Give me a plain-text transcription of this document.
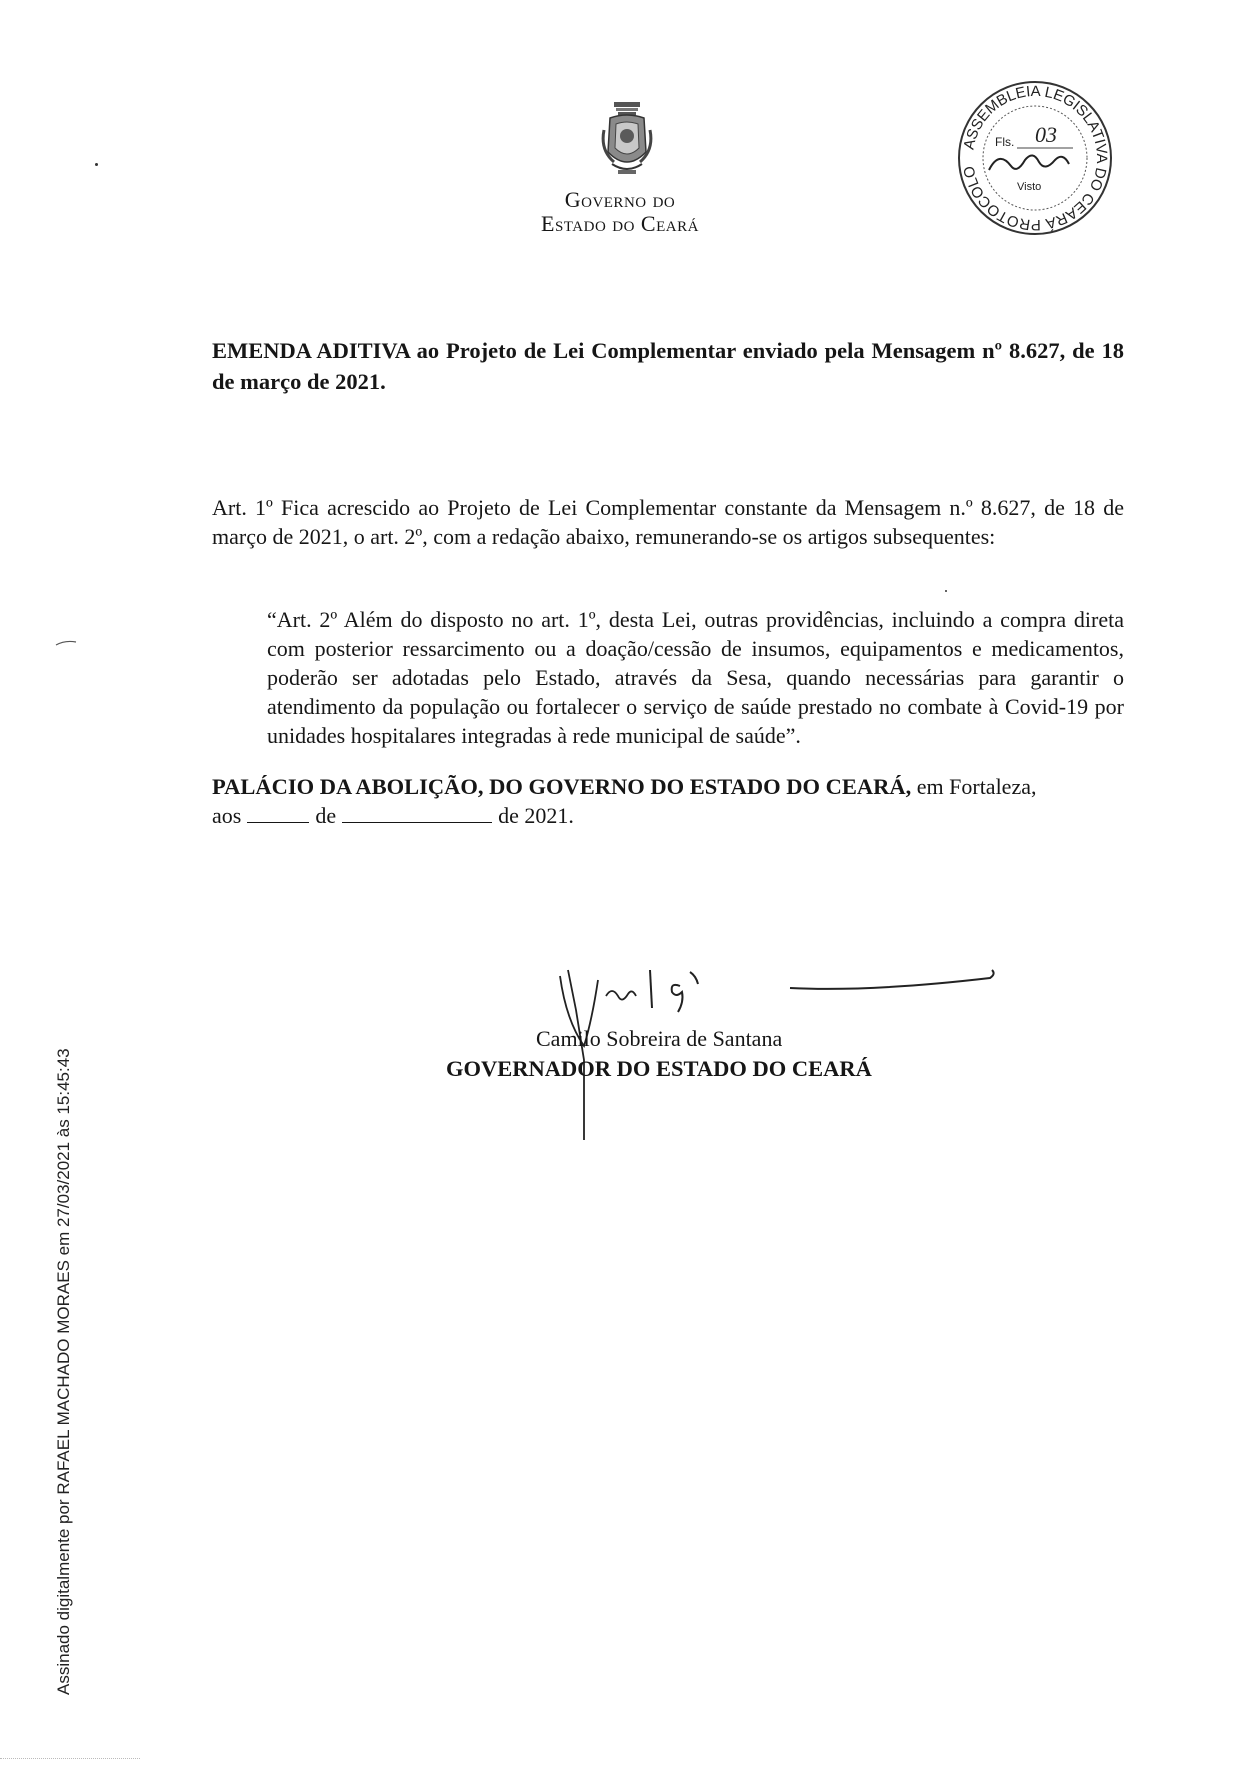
Governo do
Estado do Ceará
ASSEMBLEIA LEGISLATIVA DO CEARÁ PROTOCOLO
Fls. 03
Visto
EMENDA ADITIVA ao Projeto de Lei Complementar enviado pela Mensagem nº 8.627, de 18 de março de 2021.
Art. 1º Fica acrescido ao Projeto de Lei Complementar constante da Mensagem n.º 8.627, de 18 de março de 2021, o art. 2º, com a redação abaixo, remunerando-se os artigos subsequentes:
“Art. 2º Além do disposto no art. 1º, desta Lei, outras providências, incluindo a compra direta com posterior ressarcimento ou a doação/cessão de insumos, equipamentos e medicamentos, poderão ser adotadas pelo Estado, através da Sesa, quando necessárias para garantir o atendimento da população ou fortalecer o serviço de saúde prestado no combate à Covid-19 por unidades hospitalares integradas à rede municipal de saúde”.
PALÁCIO DA ABOLIÇÃO, DO GOVERNO DO ESTADO DO CEARÁ, em Fortaleza,
aos	de	de 2021.
Camilo Sobreira de Santana
GOVERNADOR DO ESTADO DO CEARÁ
Assinado digitalmente por RAFAEL MACHADO MORAES em 27/03/2021 às 15:45:43
